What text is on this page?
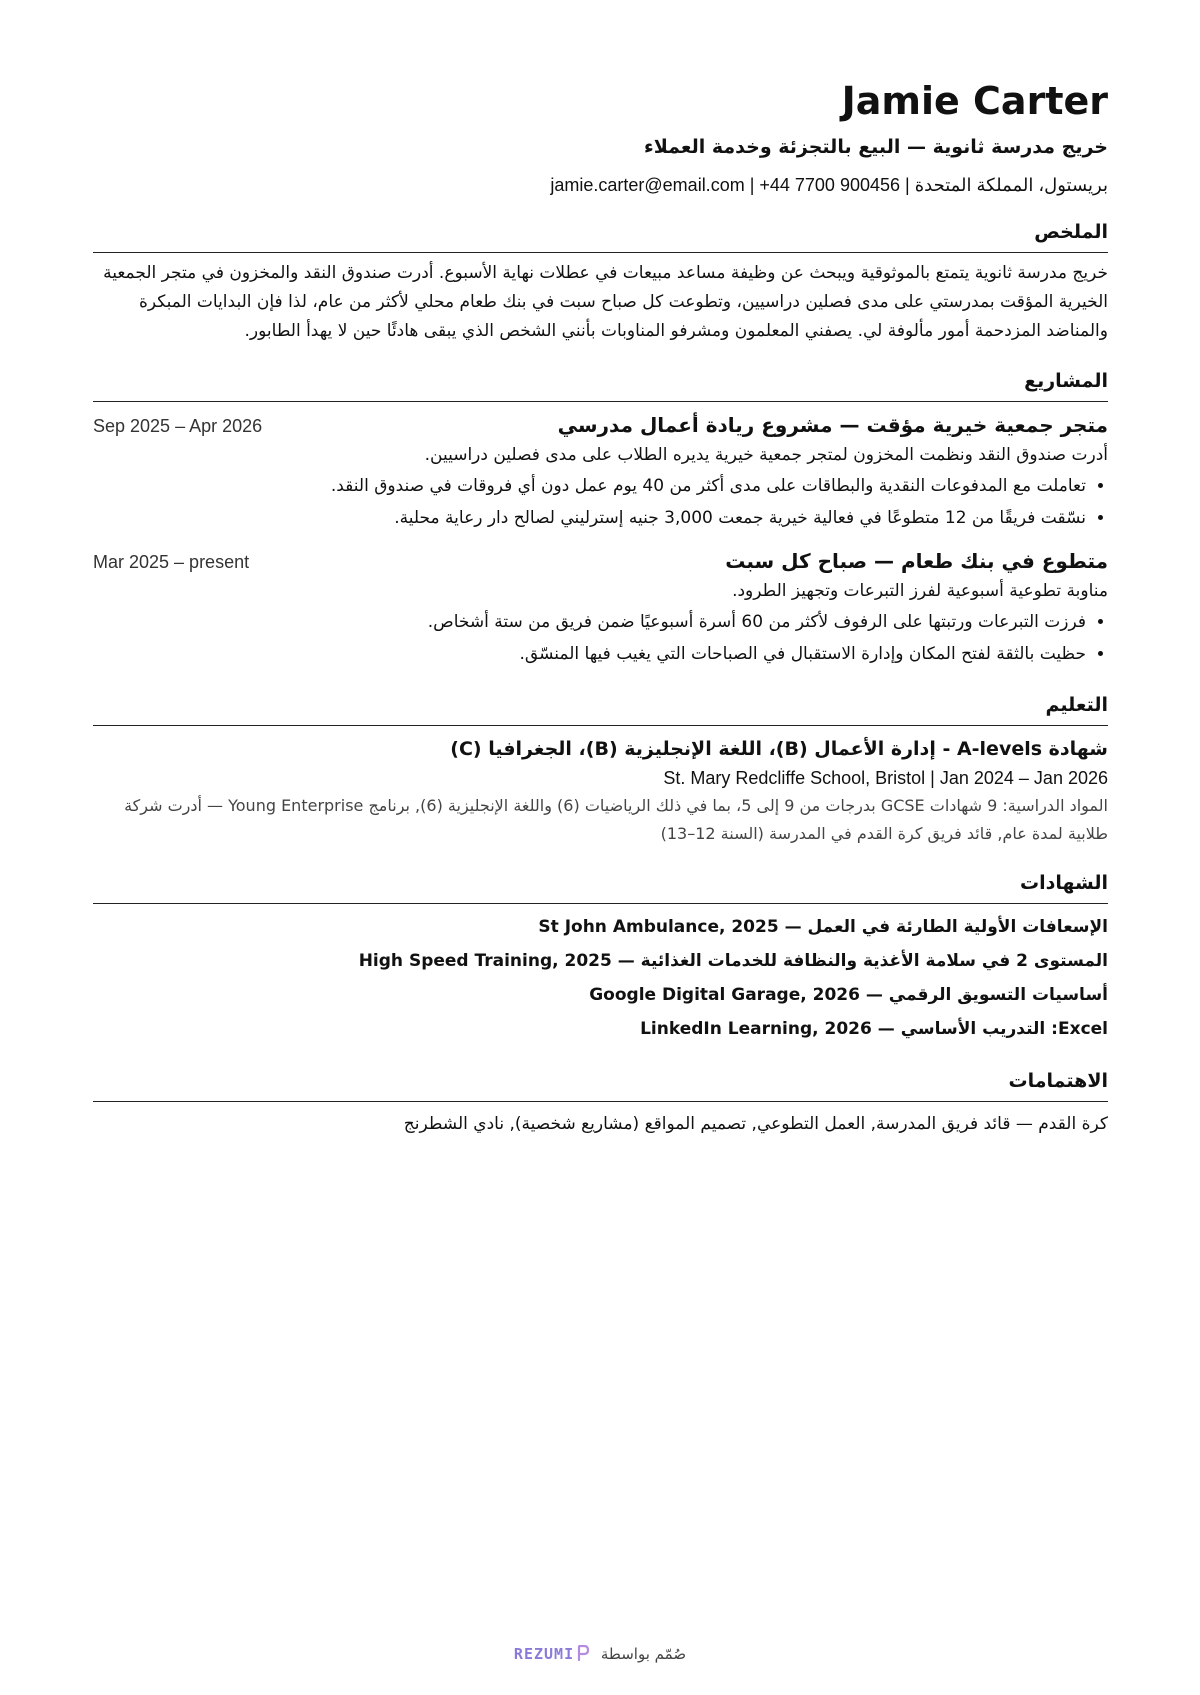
Jamie Carter
خريج مدرسة ثانوية — البيع بالتجزئة وخدمة العملاء
بريستول، المملكة المتحدة | jamie.carter@email.com | +44 7700 900456
الملخص
خريج مدرسة ثانوية يتمتع بالموثوقية ويبحث عن وظيفة مساعد مبيعات في عطلات نهاية الأسبوع. أدرت صندوق النقد والمخزون في متجر الجمعية الخيرية المؤقت بمدرستي على مدى فصلين دراسيين، وتطوعت كل صباح سبت في بنك طعام محلي لأكثر من عام، لذا فإن البدايات المبكرة والمناضد المزدحمة أمور مألوفة لي. يصفني المعلمون ومشرفو المناوبات بأنني الشخص الذي يبقى هادئًا حين لا يهدأ الطابور.
المشاريع
متجر جمعية خيرية مؤقت — مشروع ريادة أعمال مدرسي
Sep 2025 – Apr 2026
أدرت صندوق النقد ونظمت المخزون لمتجر جمعية خيرية يديره الطلاب على مدى فصلين دراسيين.
• تعاملت مع المدفوعات النقدية والبطاقات على مدى أكثر من 40 يوم عمل دون أي فروقات في صندوق النقد.
• نسّقت فريقًا من 12 متطوعًا في فعالية خيرية جمعت 3,000 جنيه إسترليني لصالح دار رعاية محلية.
متطوع في بنك طعام — صباح كل سبت
Mar 2025 – present
مناوبة تطوعية أسبوعية لفرز التبرعات وتجهيز الطرود.
• فرزت التبرعات ورتبتها على الرفوف لأكثر من 60 أسرة أسبوعيًا ضمن فريق من ستة أشخاص.
• حظيت بالثقة لفتح المكان وإدارة الاستقبال في الصباحات التي يغيب فيها المنسّق.
التعليم
شهادة A-levels - إدارة الأعمال (B)، اللغة الإنجليزية (B)، الجغرافيا (C)
St. Mary Redcliffe School, Bristol | Jan 2024 – Jan 2026
المواد الدراسية: 9 شهادات GCSE بدرجات من 9 إلى 5، بما في ذلك الرياضيات (6) واللغة الإنجليزية (6), برنامج Young Enterprise — أدرت شركة طلابية لمدة عام, قائد فريق كرة القدم في المدرسة (السنة 12–13)
الشهادات
الإسعافات الأولية الطارئة في العمل — St John Ambulance, 2025
المستوى 2 في سلامة الأغذية والنظافة للخدمات الغذائية — High Speed Training, 2025
أساسيات التسويق الرقمي — Google Digital Garage, 2026
Excel: التدريب الأساسي — LinkedIn Learning, 2026
الاهتمامات
كرة القدم — قائد فريق المدرسة, العمل التطوعي, تصميم المواقع (مشاريع شخصية), نادي الشطرنج
صُمّم بواسطة REZUMI
